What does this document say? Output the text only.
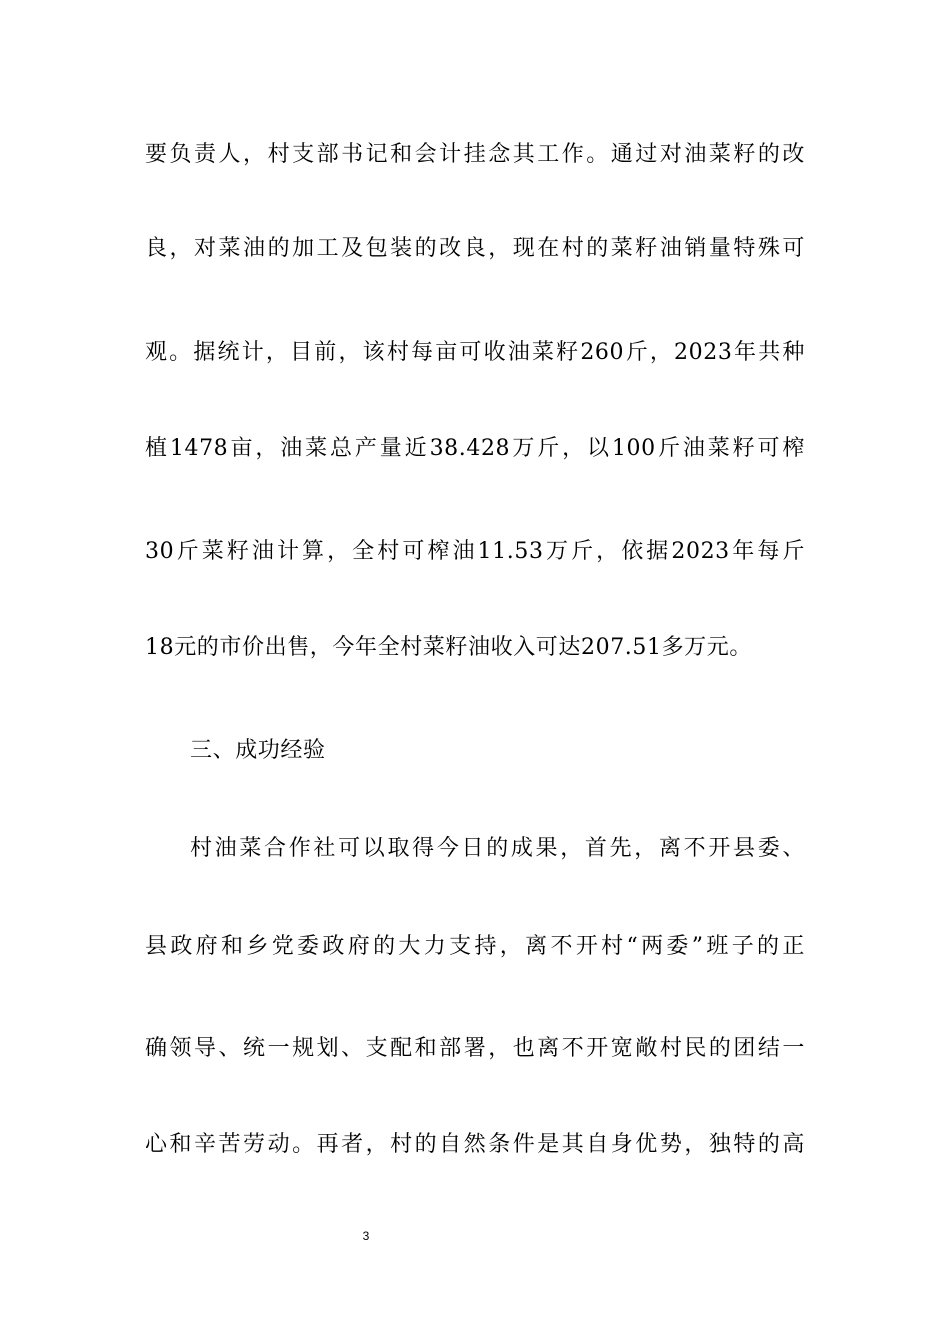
要负责人，村支部书记和会计挂念其工作。通过对油菜籽的改
良，对菜油的加工及包装的改良，现在村的菜籽油销量特殊可
观。据统计，目前，该村每亩可收油菜籽260斤，2023年共种
植1478亩，油菜总产量近38.428万斤，以100斤油菜籽可榨
30斤菜籽油计算，全村可榨油11.53万斤，依据2023年每斤
18元的市价出售，今年全村菜籽油收入可达207.51多万元。
三、成功经验
村油菜合作社可以取得今日的成果，首先，离不开县委、
县政府和乡党委政府的大力支持，离不开村“两委”班子的正
确领导、统一规划、支配和部署，也离不开宽敞村民的团结一
心和辛苦劳动。再者，村的自然条件是其自身优势，独特的高
3
